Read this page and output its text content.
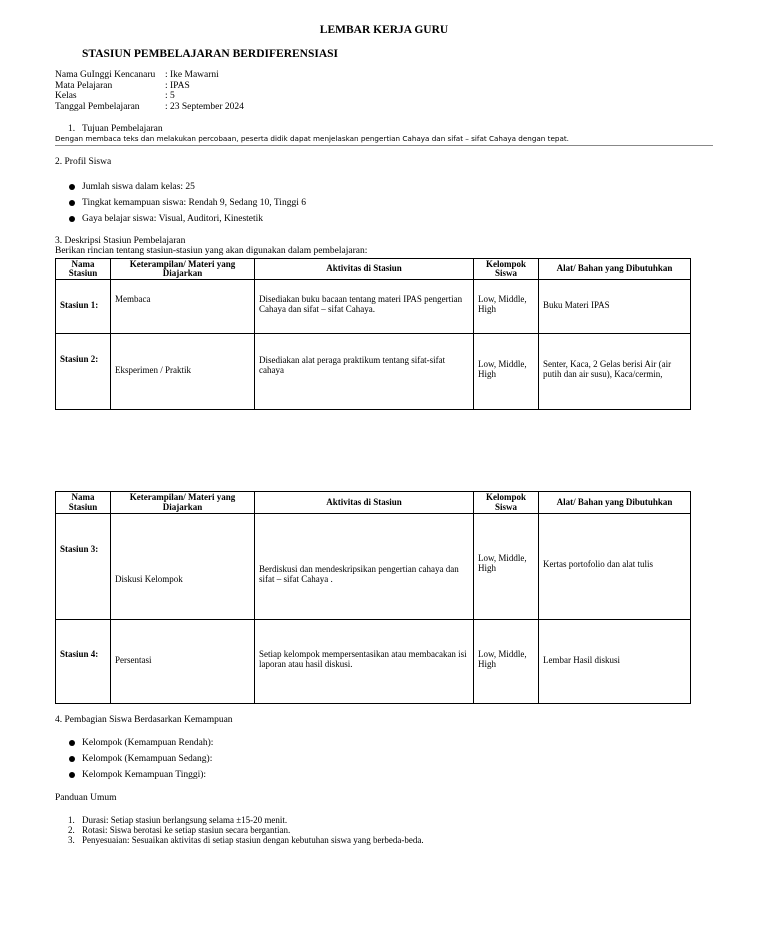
LEMBAR KERJA GURU
STASIUN PEMBELAJARAN BERDIFERENSIASI
Nama GuInggi Kencanaru	: Ike Mawarni
Mata Pelajaran	: IPAS
Kelas	: 5
Tanggal Pembelajaran	: 23 September 2024
1. Tujuan Pembelajaran
Dengan membaca teks dan melakukan percobaan, peserta didik dapat menjelaskan pengertian Cahaya dan sifat – sifat Cahaya dengan tepat.
2. Profil Siswa
Jumlah siswa dalam kelas: 25
Tingkat kemampuan siswa: Rendah 9, Sedang 10, Tinggi 6
Gaya belajar siswa: Visual, Auditori, Kinestetik
3. Deskripsi Stasiun Pembelajaran
Berikan rincian tentang stasiun-stasiun yang akan digunakan dalam pembelajaran:
Nama Stasiun	Keterampilan/ Materi yang Diajarkan	Aktivitas di Stasiun	Kelompok Siswa	Alat/ Bahan yang Dibutuhkan

Stasiun 1:	Membaca	Disediakan buku bacaan tentang materi IPAS pengertian Cahaya dan sifat – sifat Cahaya.	Low, Middle, High	Buku Materi IPAS

Stasiun 2:	Eksperimen / Praktik	Disediakan alat peraga praktikum tentang sifat-sifat cahaya	Low, Middle, High	Senter, Kaca, 2 Gelas berisi Air (air putih dan air susu), Kaca/cermin,
Nama Stasiun	Keterampilan/ Materi yang Diajarkan	Aktivitas di Stasiun	Kelompok Siswa	Alat/ Bahan yang Dibutuhkan

Stasiun 3:	Diskusi Kelompok	Berdiskusi dan mendeskripsikan pengertian cahaya dan sifat – sifat Cahaya .	Low, Middle, High	Kertas portofolio dan alat tulis

Stasiun 4:	Persentasi	Setiap kelompok mempersentasikan atau membacakan isi laporan atau hasil diskusi.	Low, Middle, High	Lembar Hasil diskusi
4. Pembagian Siswa Berdasarkan Kemampuan
Kelompok (Kemampuan Rendah):
Kelompok (Kemampuan Sedang):
Kelompok Kemampuan Tinggi):
Panduan Umum
1. Durasi: Setiap stasiun berlangsung selama ±15-20 menit.
2. Rotasi: Siswa berotasi ke setiap stasiun secara bergantian.
3. Penyesuaian: Sesuaikan aktivitas di setiap stasiun dengan kebutuhan siswa yang berbeda-beda.
